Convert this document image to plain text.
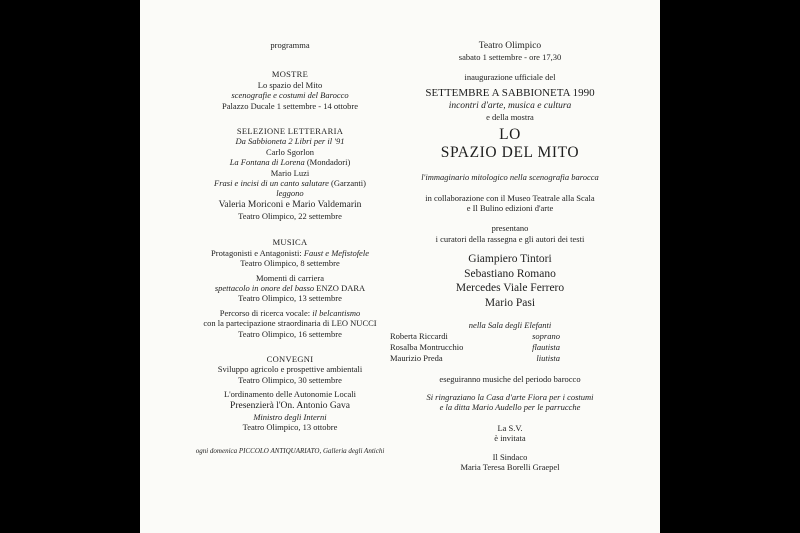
programma
MOSTRE
Lo spazio del Mito
scenografie e costumi del Barocco
Palazzo Ducale 1 settembre - 14 ottobre
SELEZIONE LETTERARIA
Da Sabbioneta 2 Libri per il '91
Carlo Sgorlon
La Fontana di Lorena (Mondadori)
Mario Luzi
Frasi e incisi di un canto salutare (Garzanti)
leggono
Valeria Moriconi e Mario Valdemarin
Teatro Olimpico, 22 settembre
MUSICA
Protagonisti e Antagonisti: Faust e Mefistofele
Teatro Olimpico, 8 settembre
Momenti di carriera
spettacolo in onore del basso ENZO DARA
Teatro Olimpico, 13 settembre
Percorso di ricerca vocale: il belcantismo
con la partecipazione straordinaria di LEO NUCCI
Teatro Olimpico, 16 settembre
CONVEGNI
Sviluppo agricolo e prospettive ambientali
Teatro Olimpico, 30 settembre
L'ordinamento delle Autonomie Locali
Presenzierà l'On. Antonio Gava
Ministro degli Interni
Teatro Olimpico, 13 ottobre
ogni domenica PICCOLO ANTIQUARIATO, Galleria degli Antichi
Teatro Olimpico
sabato 1 settembre - ore 17,30
inaugurazione ufficiale del
SETTEMBRE A SABBIONETA 1990
incontri d'arte, musica e cultura
e della mostra
LO
SPAZIO DEL MITO
l'immaginario mitologico nella scenografia barocca
in collaborazione con il Museo Teatrale alla Scala
e Il Bulino edizioni d'arte
presentano
i curatori della rassegna e gli autori dei testi
Giampiero Tintori
Sebastiano Romano
Mercedes Viale Ferrero
Mario Pasi
nella Sala degli Elefanti
Roberta Riccardi	soprano
Rosalba Montrucchio	flautista
Maurizio Preda	liutista
eseguiranno musiche del periodo barocco
Si ringraziano la Casa d'arte Fiora per i costumi
e la ditta Mario Audello per le parrucche
La S.V.
è invitata
Il Sindaco
Maria Teresa Borelli Graepel
